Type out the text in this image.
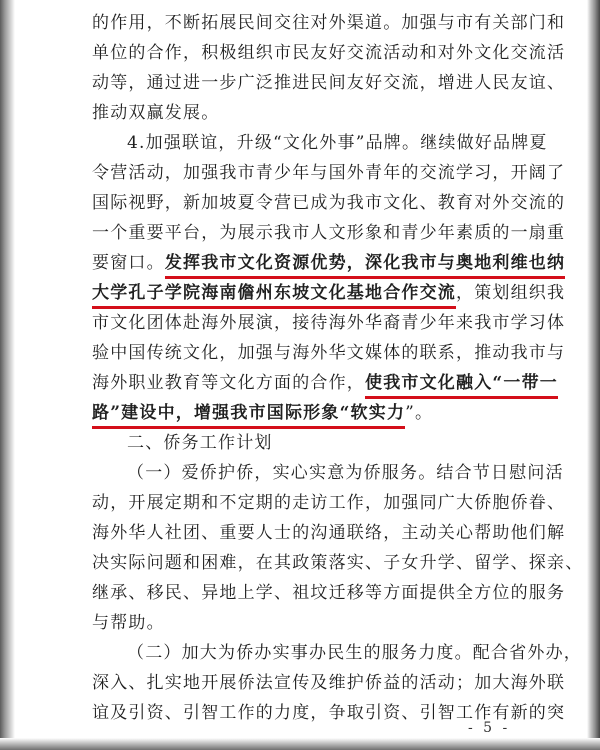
的作用，不断拓展民间交往对外渠道。加强与市有关部门和
单位的合作，积极组织市民友好交流活动和对外文化交流活
动等，通过进一步广泛推进民间友好交流，增进人民友谊、
推动双赢发展。
4.加强联谊，升级“文化外事”品牌。继续做好品牌夏
令营活动，加强我市青少年与国外青年的交流学习，开阔了
国际视野，新加坡夏令营已成为我市文化、教育对外交流的
一个重要平台，为展示我市人文形象和青少年素质的一扇重
要窗口。发挥我市文化资源优势，深化我市与奥地利维也纳
大学孔子学院海南儋州东坡文化基地合作交流，策划组织我
市文化团体赴海外展演，接待海外华裔青少年来我市学习体
验中国传统文化，加强与海外华文媒体的联系，推动我市与
海外职业教育等文化方面的合作，使我市文化融入“一带一
路”建设中，增强我市国际形象“软实力”。
二、侨务工作计划
（一）爱侨护侨，实心实意为侨服务。结合节日慰问活
动，开展定期和不定期的走访工作，加强同广大侨胞侨眷、
海外华人社团、重要人士的沟通联络，主动关心帮助他们解
决实际问题和困难，在其政策落实、子女升学、留学、探亲、
继承、移民、异地上学、祖坟迁移等方面提供全方位的服务
与帮助。
（二）加大为侨办实事办民生的服务力度。配合省外办，
深入、扎实地开展侨法宣传及维护侨益的活动；加大海外联
谊及引资、引智工作的力度，争取引资、引智工作有新的突
- 5 -
